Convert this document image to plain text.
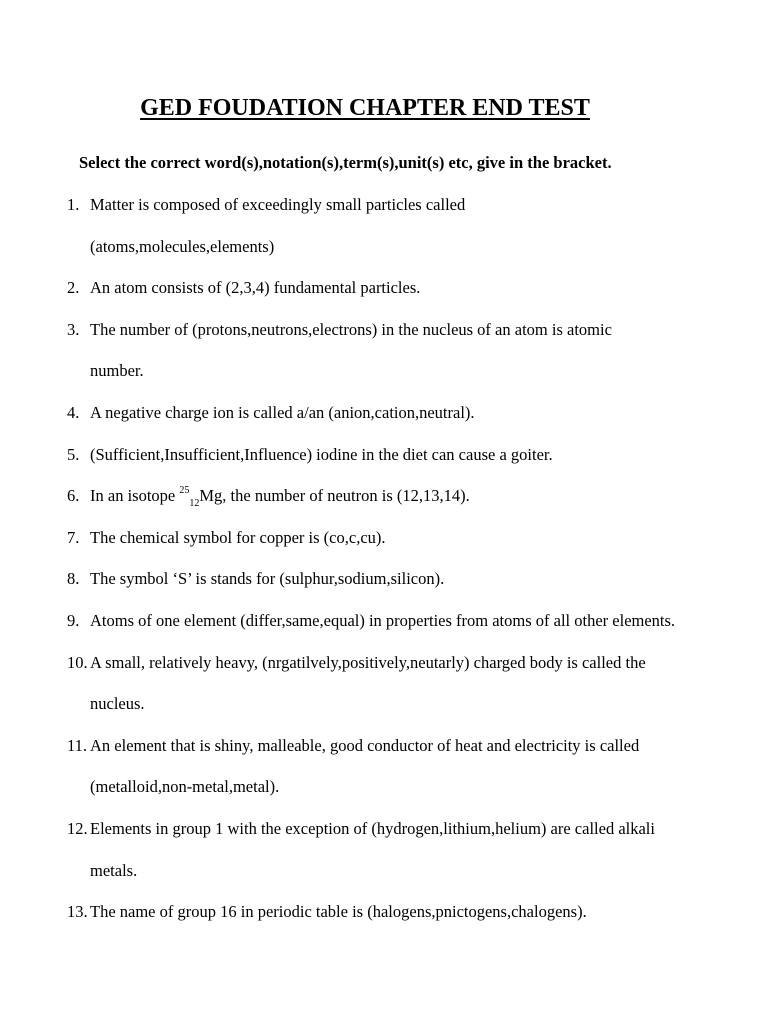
GED FOUDATION CHAPTER END TEST
Select the correct word(s),notation(s),term(s),unit(s) etc, give in the bracket.
1. Matter is composed of exceedingly small particles called
(atoms,molecules,elements)
2. An atom consists of (2,3,4) fundamental particles.
3. The number of (protons,neutrons,electrons) in the nucleus of an atom is atomic
number.
4. A negative charge ion is called a/an (anion,cation,neutral).
5. (Sufficient,Insufficient,Influence) iodine in the diet can cause a goiter.
6. In an isotope $^{25}_{12}$Mg, the number of neutron is (12,13,14).
7. The chemical symbol for copper is (co,c,cu).
8. The symbol ‘S’ is stands for (sulphur,sodium,silicon).
9. Atoms of one element (differ,same,equal) in properties from atoms of all other elements.
10. A small, relatively heavy, (nrgatilvely,positively,neutarly) charged body is called the
nucleus.
11. An element that is shiny, malleable, good conductor of heat and electricity is called
(metalloid,non-metal,metal).
12. Elements in group 1 with the exception of (hydrogen,lithium,helium) are called alkali
metals.
13. The name of group 16 in periodic table is (halogens,pnictogens,chalogens).
